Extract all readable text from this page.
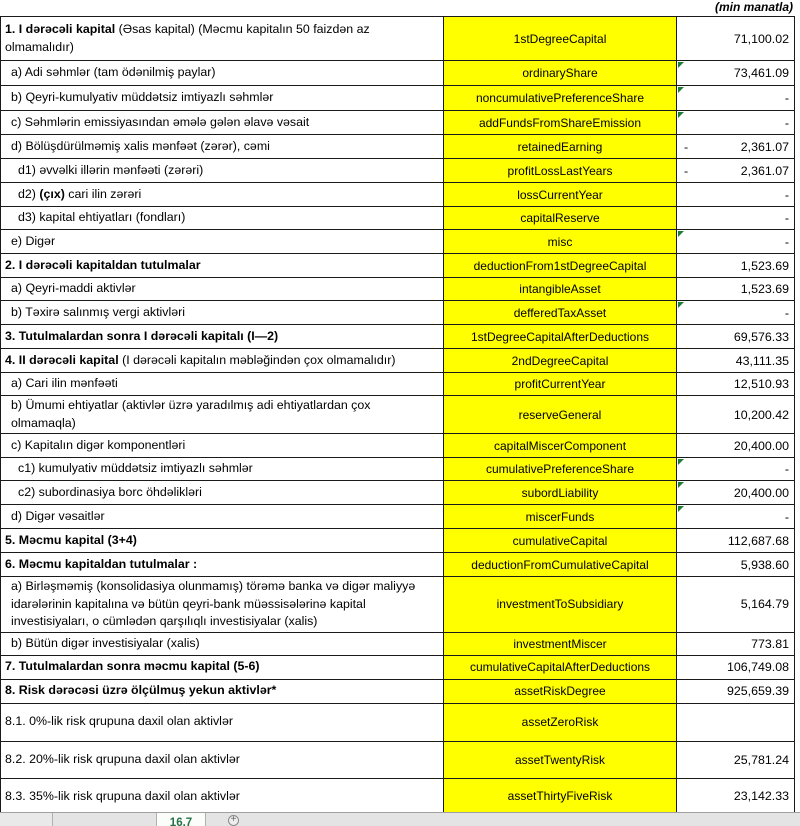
(min manatla)
1. I dərəcəli kapital (Əsas kapital) (Məcmu kapitalın 50 faizdən az olmamalıdır)	1stDegreeCapital	71,100.02
a) Adi səhmlər (tam ödənilmiş paylar)	ordinaryShare	73,461.09
b) Qeyri-kumulyativ müddətsiz imtiyazlı səhmlər	noncumulativePreferenceShare	-
c) Səhmlərin emissiyasından əmələ gələn əlavə vəsait	addFundsFromShareEmission	-
d) Bölüşdürülməmiş xalis mənfəət (zərər), cəmi	retainedEarning	- 2,361.07
d1) əvvəlki illərin mənfəəti (zərəri)	profitLossLastYears	- 2,361.07
d2) (çıx) cari ilin zərəri	lossCurrentYear	-
d3) kapital ehtiyatları (fondları)	capitalReserve	-
e) Digər	misc	-
2. I dərəcəli kapitaldan tutulmalar	deductionFrom1stDegreeCapital	1,523.69
a) Qeyri-maddi aktivlər	intangibleAsset	1,523.69
b) Təxirə salınmış vergi aktivləri	defferedTaxAsset	-
3. Tutulmalardan sonra I dərəcəli kapitalı (I—2)	1stDegreeCapitalAfterDeductions	69,576.33
4. II dərəcəli kapital (I dərəcəli kapitalın məbləğindən çox olmamalıdır)	2ndDegreeCapital	43,111.35
a) Cari ilin mənfəəti	profitCurrentYear	12,510.93
b) Ümumi ehtiyatlar (aktivlər üzrə yaradılmış adi ehtiyatlardan çox olmamaqla)	reserveGeneral	10,200.42
c) Kapitalın digər komponentləri	capitalMiscerComponent	20,400.00
c1) kumulyativ müddətsiz imtiyazlı səhmlər	cumulativePreferenceShare	-
c2) subordinasiya borc öhdəlikləri	subordLiability	20,400.00
d) Digər vəsaitlər	miscerFunds	-
5. Məcmu kapital (3+4)	cumulativeCapital	112,687.68
6. Məcmu kapitaldan tutulmalar :	deductionFromCumulativeCapital	5,938.60
a) Birləşməmiş (konsolidasiya olunmamış) törəmə banka və digər maliyyə idarələrinin kapitalına və bütün qeyri-bank müəssisələrinə kapital investisiyaları, o cümlədən qarşılıqlı investisiyalar (xalis)	investmentToSubsidiary	5,164.79
b) Bütün digər investisiyalar (xalis)	investmentMiscer	773.81
7. Tutulmalardan sonra məcmu kapital (5-6)	cumulativeCapitalAfterDeductions	106,749.08
8. Risk dərəcəsi üzrə ölçülmuş yekun aktivlər*	assetRiskDegree	925,659.39
8.1. 0%-lik risk qrupuna daxil olan aktivlər	assetZeroRisk	
8.2. 20%-lik risk qrupuna daxil olan aktivlər	assetTwentyRisk	25,781.24
8.3. 35%-lik risk qrupuna daxil olan aktivlər	assetThirtyFiveRisk	23,142.33
16.7	+
